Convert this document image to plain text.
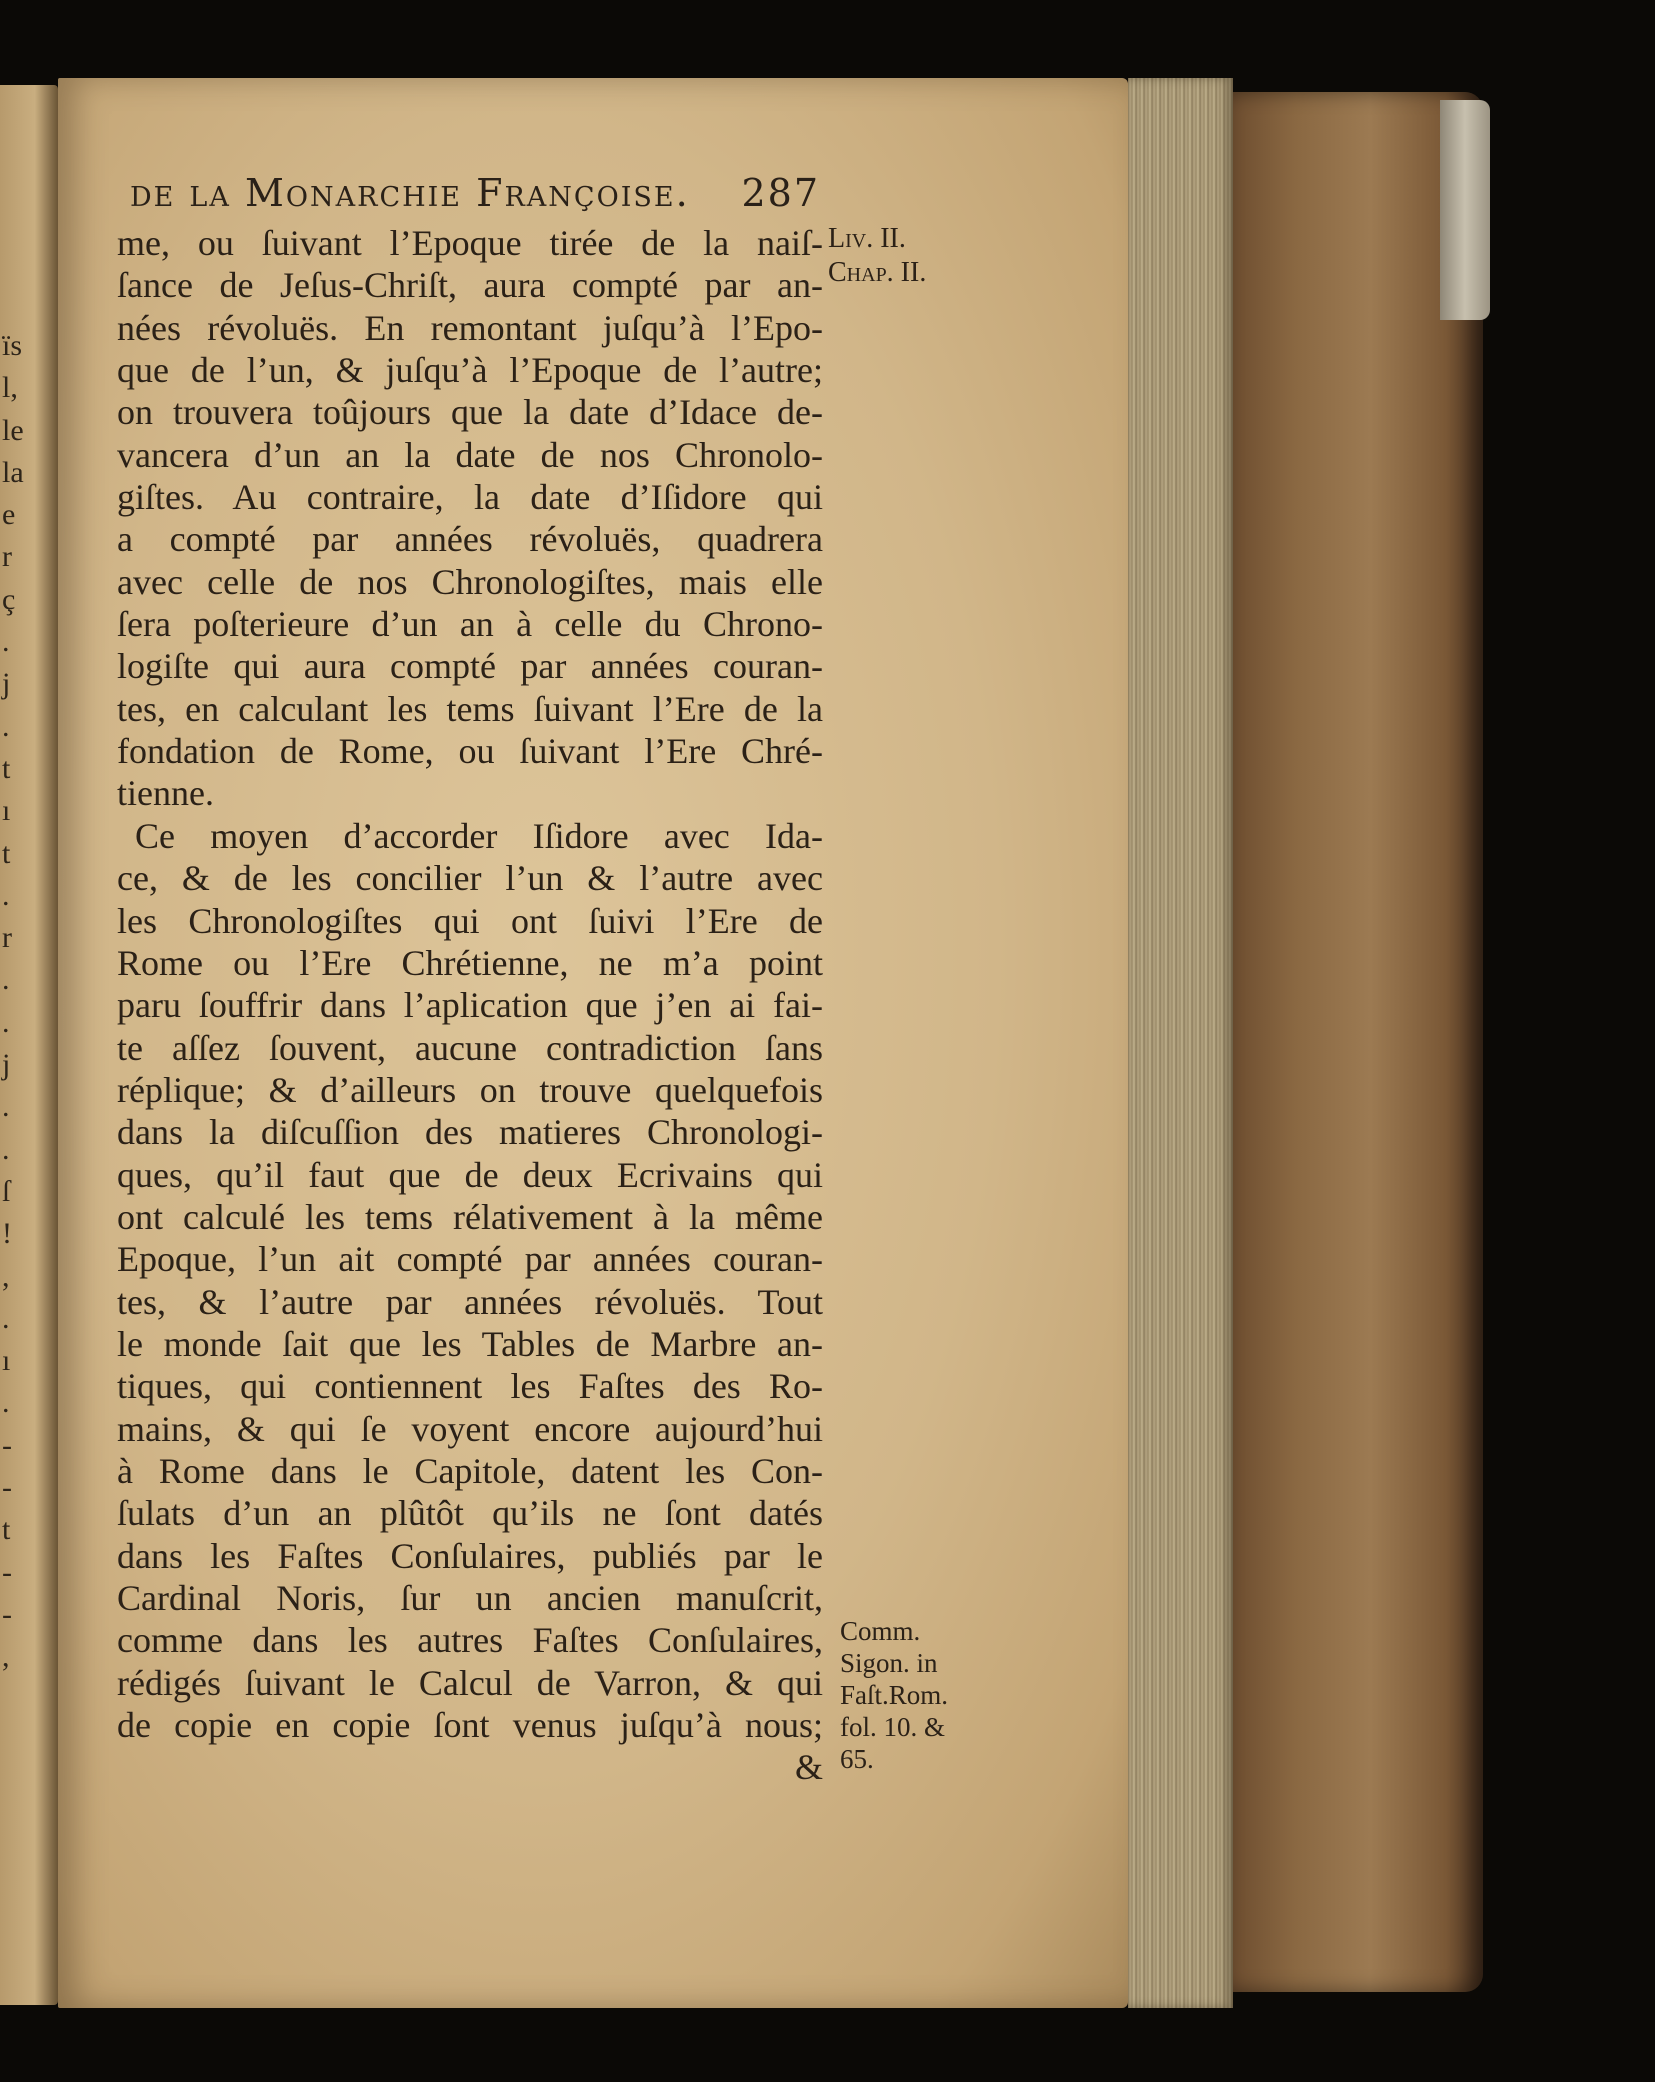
ïs
l,
le
la
e
r
ç
.
j
.
t
ı
t
.
r
.
.
j
.
.
ſ
!
,
.
ı
.
-
-
t
-
-
,
de la Monarchie Françoise. 287
Liv. II.
Chap. II.
me, ou ſuivant l’Epoque tirée de la naiſ-
ſance de Jeſus-Chriſt, aura compté par an-
nées révoluës. En remontant juſqu’à l’Epo-
que de l’un, & juſqu’à l’Epoque de l’autre;
on trouvera toûjours que la date d’Idace de-
vancera d’un an la date de nos Chronolo-
giſtes. Au contraire, la date d’Iſidore qui
a compté par années révoluës, quadrera
avec celle de nos Chronologiſtes, mais elle
ſera poſterieure d’un an à celle du Chrono-
logiſte qui aura compté par années couran-
tes, en calculant les tems ſuivant l’Ere de la
fondation de Rome, ou ſuivant l’Ere Chré-
tienne.
Ce moyen d’accorder Iſidore avec Ida-
ce, & de les concilier l’un & l’autre avec
les Chronologiſtes qui ont ſuivi l’Ere de
Rome ou l’Ere Chrétienne, ne m’a point
paru ſouffrir dans l’aplication que j’en ai fai-
te aſſez ſouvent, aucune contradiction ſans
réplique; & d’ailleurs on trouve quelquefois
dans la diſcuſſion des matieres Chronologi-
ques, qu’il faut que de deux Ecrivains qui
ont calculé les tems rélativement à la même
Epoque, l’un ait compté par années couran-
tes, & l’autre par années révoluës. Tout
le monde ſait que les Tables de Marbre an-
tiques, qui contiennent les Faſtes des Ro-
mains, & qui ſe voyent encore aujourd’hui
à Rome dans le Capitole, datent les Con-
ſulats d’un an plûtôt qu’ils ne ſont datés
dans les Faſtes Conſulaires, publiés par le
Cardinal Noris, ſur un ancien manuſcrit,
comme dans les autres Faſtes Conſulaires,
rédigés ſuivant le Calcul de Varron, & qui
de copie en copie ſont venus juſqu’à nous;
&
Comm.
Sigon. in
Faſt.Rom.
fol. 10. &
65.
